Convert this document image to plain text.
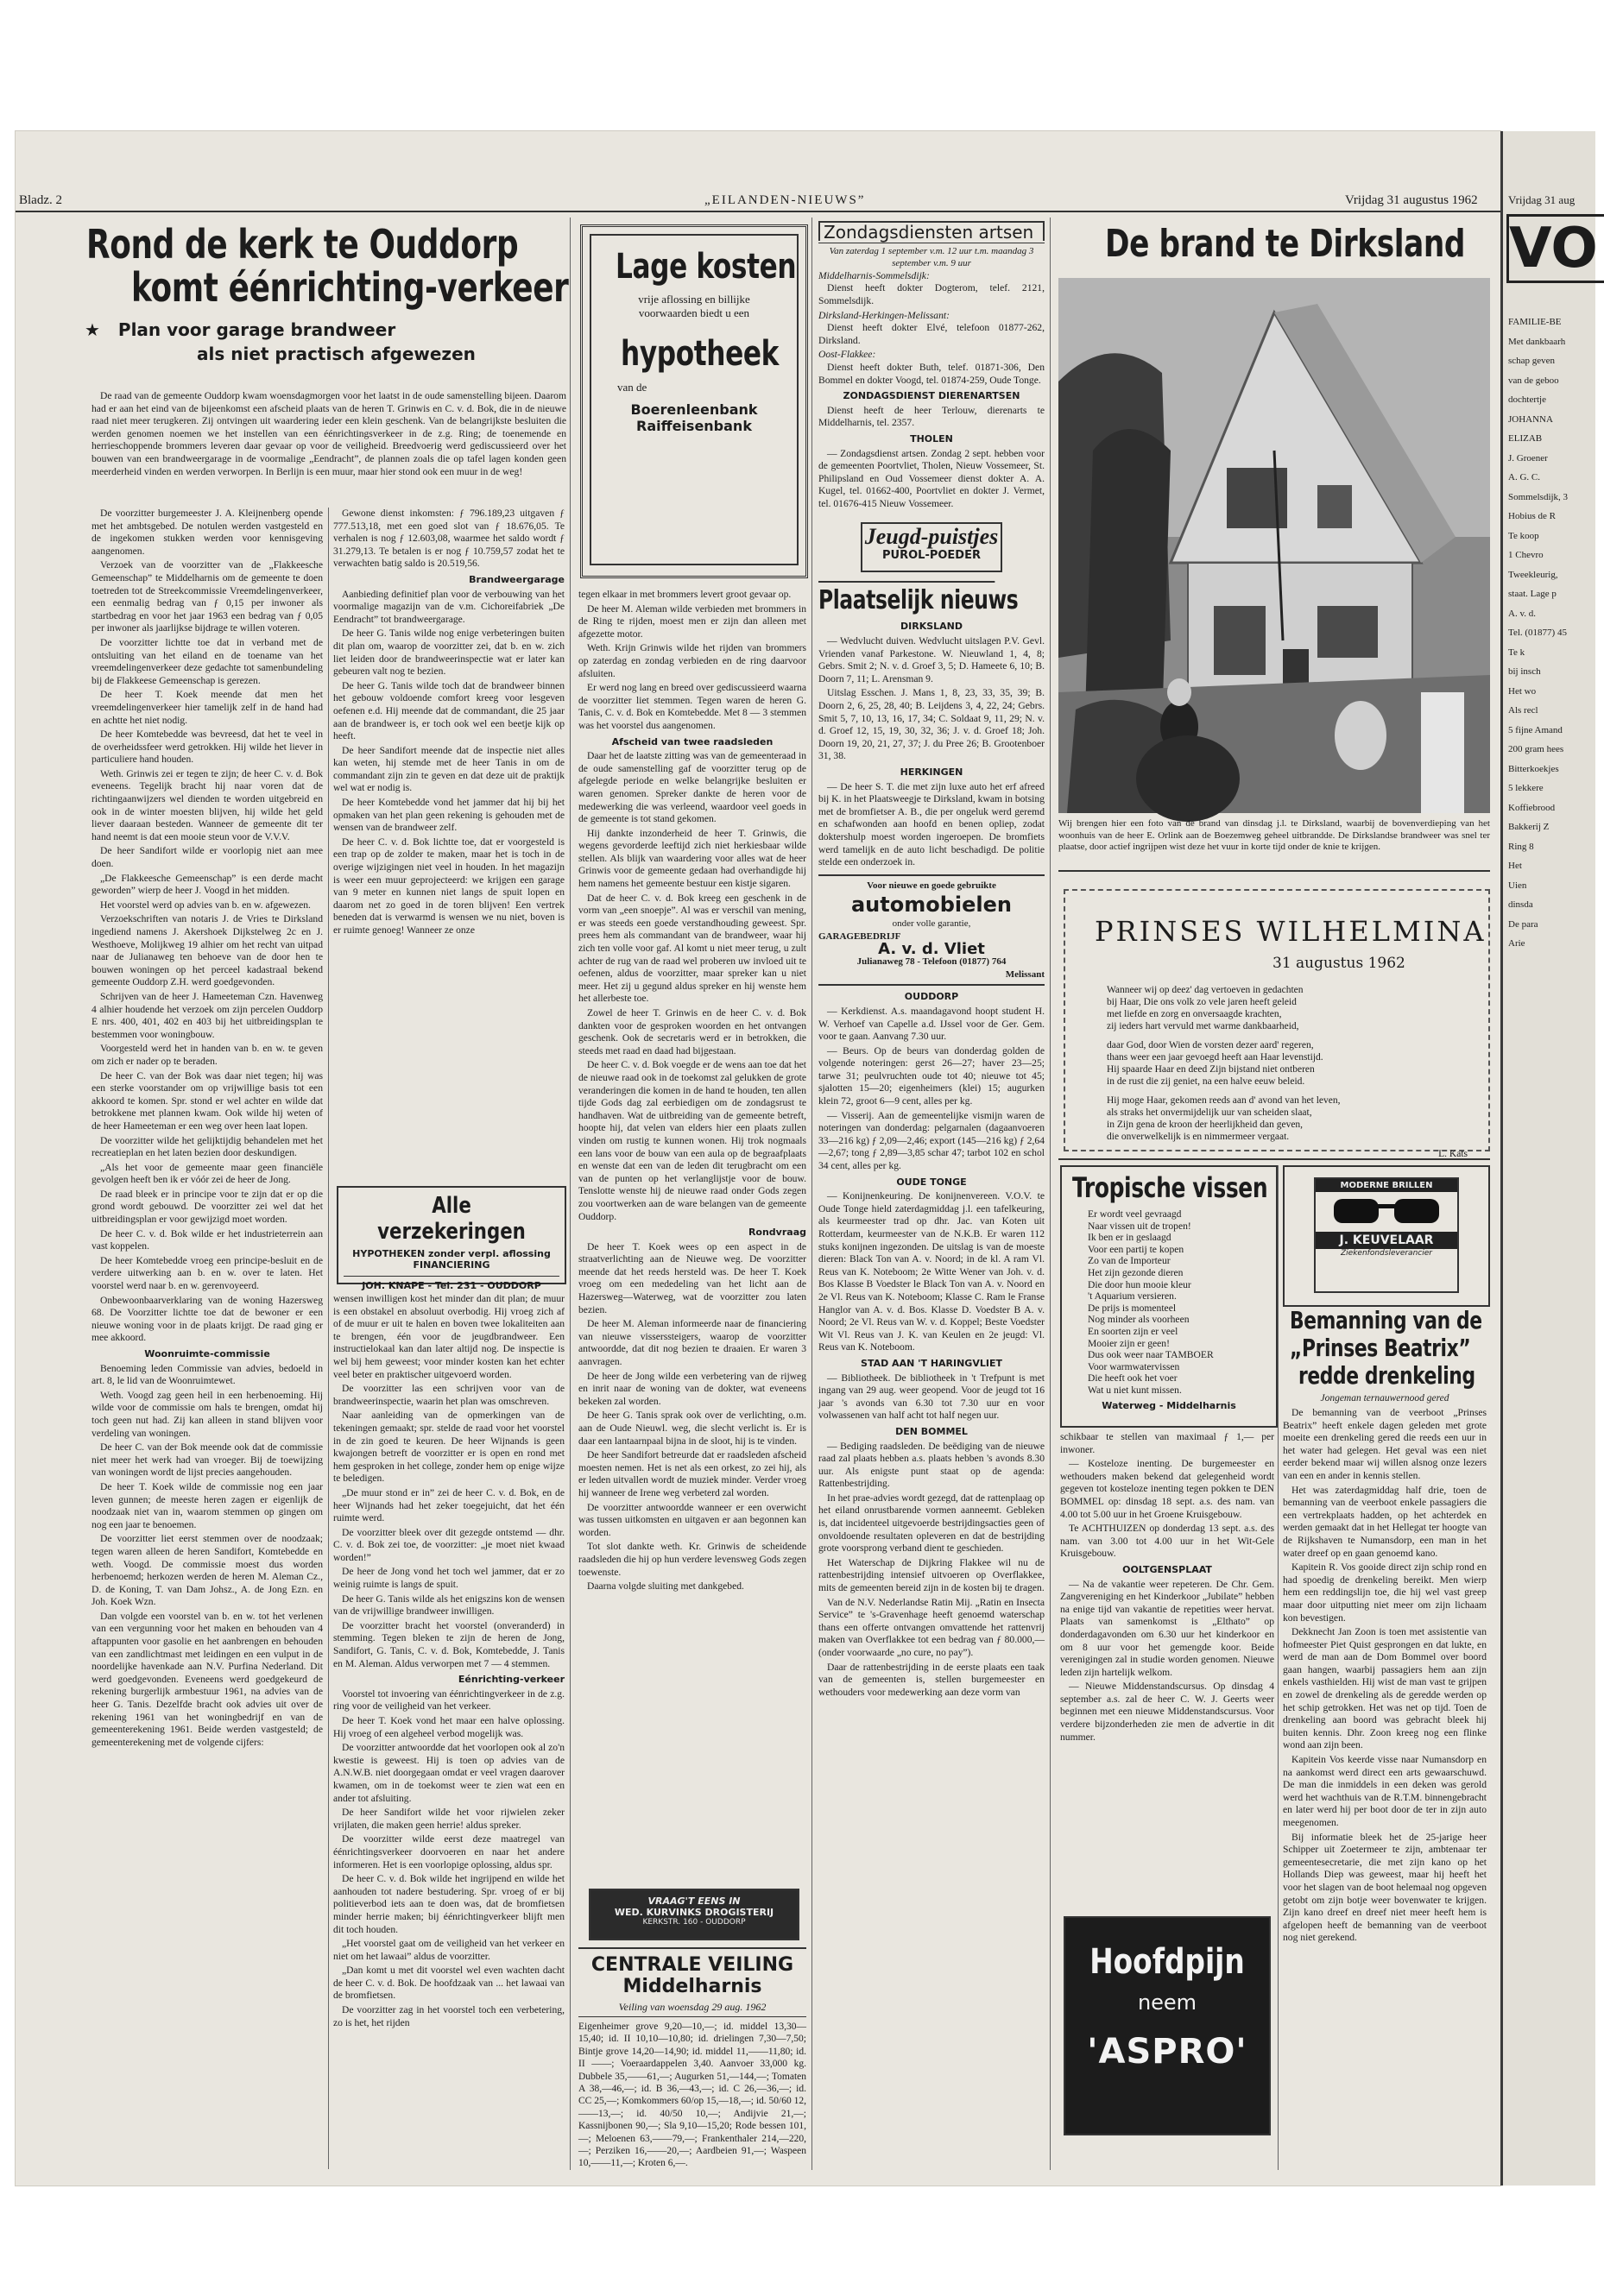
Bladz. 2	„EILANDEN-NIEUWS”	Vrijdag 31 augustus 1962
Rond de kerk te Ouddorp
komt éénrichting-verkeer
★ Plan voor garage brandweer
als niet practisch afgewezen

De raad van de gemeente Ouddorp kwam woensdagmorgen voor het laatst in de oude samenstelling bijeen. Daarom had er aan het eind van de bijeenkomst een afscheid plaats van de heren T. Grinwis en C. v. d. Bok, die in de nieuwe raad niet meer terugkeren. Zij ontvingen uit waardering ieder een klein geschenk. Van de belangrijkste besluiten die werden genomen noemen we het instellen van een éénrichtingsverkeer in de z.g. Ring; de toenemende en herrieschoppende brommers leveren daar gevaar op voor de veiligheid. Breedvoerig werd gediscussieerd over het bouwen van een brandweergarage in de voormalige „Eendracht”, de plannen zoals die op tafel lagen konden geen meerderheid vinden en werden verworpen. In Berlijn is een muur, maar hier stond ook een muur in de weg!

De voorzitter burgemeester J. A. Kleijnenberg opende met het ambtsgebed. De notulen werden vastgesteld en de ingekomen stukken werden voor kennisgeving aangenomen.

Verzoek van de voorzitter van de „Flakkeesche Gemeenschap” te Middelharnis om de gemeente te doen toetreden tot de Streekcommissie Vreemdelingenverkeer, een eenmalig bedrag van ƒ 0,15 per inwoner als startbedrag en voor het jaar 1963 een bedrag van ƒ 0,05 per inwoner als jaarlijkse bijdrage te willen voteren.

De voorzitter lichtte toe dat in verband met de ontsluiting van het eiland en de toename van het vreemdelingenverkeer deze gedachte tot samenbundeling bij de Flakkeese Gemeenschap is gerezen.

De heer T. Koek meende dat men het vreemdelingenverkeer hier tamelijk zelf in de hand had en achtte het niet nodig.

De heer Komtebedde was bevreesd, dat het te veel in de overheidssfeer werd getrokken. Hij wilde het liever in particuliere hand houden.

Weth. Grinwis zei er tegen te zijn; de heer C. v. d. Bok eveneens. Tegelijk bracht hij naar voren dat de richtingaanwijzers wel dienden te worden uitgebreid en ook in de winter moesten blijven, hij wilde het geld liever daaraan besteden. Wanneer de gemeente dit ter hand neemt is dat een mooie steun voor de V.V.V.

De heer Sandifort wilde er voorlopig niet aan mee doen.

„De Flakkeesche Gemeenschap” is een derde macht geworden” wierp de heer J. Voogd in het midden.

Het voorstel werd op advies van b. en w. afgewezen.

Verzoekschriften van notaris J. de Vries te Dirksland ingediend namens J. Akershoek Dijkstelweg 2c en J. Westhoeve, Molijkweg 19 alhier om het recht van uitpad naar de Julianaweg ten behoeve van de door hen te bouwen woningen op het perceel kadastraal bekend gemeente Ouddorp Z.H. werd goedgevonden.

Schrijven van de heer J. Hameeteman Czn. Havenweg 4 alhier houdende het verzoek om zijn percelen Ouddorp E nrs. 400, 401, 402 en 403 bij het uitbreidingsplan te bestemmen voor woningbouw.

Voorgesteld werd het in handen van b. en w. te geven om zich er nader op te beraden.

De heer C. van der Bok was daar niet tegen; hij was een sterke voorstander om op vrijwillige basis tot een akkoord te komen. Spr. stond er wel achter en wilde dat betrokkene met plannen kwam. Ook wilde hij weten of de heer Hameeteman er een weg over heen laat lopen.

De voorzitter wilde het gelijktijdig behandelen met het recreatieplan en het laten bezien door deskundigen.

„Als het voor de gemeente maar geen financiële gevolgen heeft ben ik er vóór zei de heer de Jong.

De raad bleek er in principe voor te zijn dat er op die grond wordt gebouwd. De voorzitter zei wel dat het uitbreidingsplan er voor gewijzigd moet worden.

De heer C. v. d. Bok wilde er het industrieterrein aan vast koppelen.

De heer Komtebedde vroeg een principe-besluit en de verdere uitwerking aan b. en w. over te laten. Het voorstel werd naar b. en w. gerenvoyeerd.

Onbewoonbaarverklaring van de woning Hazersweg 68. De Voorzitter lichtte toe dat de bewoner er een nieuwe woning voor in de plaats krijgt. De raad ging er mee akkoord.

Woonruimte-commissie

Benoeming leden Commissie van advies, bedoeld in art. 8, le lid van de Woonruimtewet.

Weth. Voogd zag geen heil in een herbenoeming. Hij wilde voor de commissie om hals te brengen, omdat hij toch geen nut had. Zij kan alleen in stand blijven voor verdeling van woningen.

De heer C. van der Bok meende ook dat de commissie niet meer het werk had van vroeger. Bij de toewijzing van woningen wordt de lijst precies aangehouden.

De heer T. Koek wilde de commissie nog een jaar leven gunnen; de meeste heren zagen er eigenlijk de noodzaak niet van in, waarom stemmen op gingen om nog een jaar te benoemen.

De voorzitter liet eerst stemmen over de noodzaak; tegen waren alleen de heren Sandifort, Komtebedde en weth. Voogd. De commissie moest dus worden herbenoemd; herkozen werden de heren M. Aleman Cz., D. de Koning, T. van Dam Johsz., A. de Jong Ezn. en Joh. Koek Wzn.

Dan volgde een voorstel van b. en w. tot het verlenen van een vergunning voor het maken en behouden van 4 aftappunten voor gasolie en het aanbrengen en behouden van een zandlichtmast met leidingen en een vulput in de noordelijke havenkade aan N.V. Purfina Nederland. Dit werd goedgevonden. Eveneens werd goedgekeurd de rekening burgerlijk armbestuur 1961, na advies van de heer G. Tanis. Dezelfde bracht ook advies uit over de rekening 1961 van het woningbedrijf en van de gemeenterekening 1961. Beide werden vastgesteld; de gemeenterekening met de volgende cijfers:

Gewone dienst inkomsten: ƒ 796.189,23 uitgaven ƒ 777.513,18, met een goed slot van ƒ 18.676,05. Te verhalen is nog ƒ 12.603,08, waarmee het saldo wordt ƒ 31.279,13. Te betalen is er nog ƒ 10.759,57 zodat het te verwachten batig saldo is 20.519,56.

Brandweergarage

Aanbieding definitief plan voor de verbouwing van het voormalige magazijn van de v.m. Cichoreifabriek „De Eendracht” tot brandweergarage.

De heer G. Tanis wilde nog enige verbeteringen buiten dit plan om, waarop de voorzitter zei, dat b. en w. zich liet leiden door de brandweerinspectie wat er later kan gebeuren valt nog te bezien.

De heer G. Tanis wilde toch dat de brandweer binnen het gebouw voldoende comfort kreeg voor lesgeven oefenen e.d. Hij meende dat de commandant, die 25 jaar aan de brandweer is, er toch ook wel een beetje kijk op heeft.

De heer Sandifort meende dat de inspectie niet alles kan weten, hij stemde met de heer Tanis in om de commandant zijn zin te geven en dat deze uit de praktijk wel wat er nodig is.

De heer Komtebedde vond het jammer dat hij bij het opmaken van het plan geen rekening is gehouden met de wensen van de brandweer zelf.

De heer C. v. d. Bok lichtte toe, dat er voorgesteld is een trap op de zolder te maken, maar het is toch in de overige wijzigingen niet veel in houden. In het magazijn is weer een muur geprojecteerd: we krijgen een garage van 9 meter en kunnen niet langs de spuit lopen en daarom net zo goed in de toren blijven! Een vertrek beneden dat is verwarmd is wensen we nu niet, boven is er ruimte genoeg! Wanneer ze onze

Alle verzekeringen
HYPOTHEKEN zonder verpl. aflossing
FINANCIERING
JOH. KNAPE - Tel. 231 - OUDDORP

wensen inwilligen kost het minder dan dit plan; de muur is een obstakel en absoluut overbodig. Hij vroeg zich af of de muur er uit te halen en boven twee lokaliteiten aan te brengen, één voor de jeugdbrandweer. Een instructielokaal kan dan later altijd nog. De inspectie is wel bij hem geweest; voor minder kosten kan het echter veel beter en praktischer uitgevoerd worden.

De voorzitter las een schrijven voor van de brandweerinspectie, waarin het plan was omschreven.

Naar aanleiding van de opmerkingen van de tekeningen gemaakt; spr. stelde de raad voor het voorstel in de zin goed te keuren. De heer Wijnands is geen kwajongen betreft de voorzitter er is open en rond met hem gesproken in het college, zonder hem op enige wijze te beledigen.

„De muur stond er in” zei de heer C. v. d. Bok, en de heer Wijnands had het zeker toegejuicht, dat het één ruimte werd.

De voorzitter bleek over dit gezegde ontstemd — dhr. C. v. d. Bok zei toe, de voorzitter: „je moet niet kwaad worden!”

De heer de Jong vond het toch wel jammer, dat er zo weinig ruimte is langs de spuit.

De heer G. Tanis wilde als het enigszins kon de wensen van de vrijwillige brandweer inwilligen.

De voorzitter bracht het voorstel (onveranderd) in stemming. Tegen bleken te zijn de heren de Jong, Sandifort, G. Tanis, C. v. d. Bok, Komtebedde, J. Tanis en M. Aleman. Aldus verworpen met 7 — 4 stemmen.

Eénrichting-verkeer

Voorstel tot invoering van éénrichtingverkeer in de z.g. ring voor de veiligheid van het verkeer.

De heer T. Koek vond het maar een halve oplossing. Hij vroeg of een algeheel verbod mogelijk was.

De voorzitter antwoordde dat het voorlopen ook al zo'n kwestie is geweest. Hij is toen op advies van de A.N.W.B. niet doorgegaan omdat er veel vragen daarover kwamen, om in de toekomst weer te zien wat een en ander tot afsluiting.

De heer Sandifort wilde het voor rijwielen zeker vrijlaten, die maken geen herrie! aldus spreker.

De voorzitter wilde eerst deze maatregel van éénrichtingsverkeer doorvoeren en naar het andere informeren. Het is een voorlopige oplossing, aldus spr.

De heer C. v. d. Bok wilde het ingrijpend en wilde het aanhouden tot nadere bestudering. Spr. vroeg of er bij politieverbod iets aan te doen was, dat de bromfietsen minder herrie maken; bij éénrichtingverkeer blijft men dit toch houden.

„Het voorstel gaat om de veiligheid van het verkeer en niet om het lawaai” aldus de voorzitter.

„Dan komt u met dit voorstel wel even wachten dacht de heer C. v. d. Bok. De hoofdzaak van ... het lawaai van de bromfietsen.

De voorzitter zag in het voorstel toch een verbetering, zo is het, het rijden

Lage kosten
vrije aflossing en billijke voorwaarden biedt u een
hypotheek
van de
Boerenleenbank
Raiffeisenbank

tegen elkaar in met brommers levert groot gevaar op.

De heer M. Aleman wilde verbieden met brommers in de Ring te rijden, moest men er zijn dan alleen met afgezette motor.

Weth. Krijn Grinwis wilde het rijden van brommers op zaterdag en zondag verbieden en de ring daarvoor afsluiten.

Er werd nog lang en breed over gediscussieerd waarna de voorzitter liet stemmen. Tegen waren de heren G. Tanis, C. v. d. Bok en Komtebedde. Met 8 — 3 stemmen was het voorstel dus aangenomen.

Afscheid van twee raadsleden

Daar het de laatste zitting was van de gemeenteraad in de oude samenstelling gaf de voorzitter terug op de afgelegde periode en welke belangrijke besluiten er waren genomen. Spreker dankte de heren voor de medewerking die was verleend, waardoor veel goeds in de gemeente is tot stand gekomen.

Hij dankte inzonderheid de heer T. Grinwis, die wegens gevorderde leeftijd zich niet herkiesbaar wilde stellen. Als blijk van waardering voor alles wat de heer Grinwis voor de gemeente gedaan had overhandigde hij hem namens het gemeente bestuur een kistje sigaren.

Dat de heer C. v. d. Bok kreeg een geschenk in de vorm van „een snoepje”. Al was er verschil van mening, er was steeds een goede verstandhouding geweest. Spr. prees hem als commandant van de brandweer, waar hij zich ten volle voor gaf. Al komt u niet meer terug, u zult achter de rug van de raad wel proberen uw invloed uit te oefenen, aldus de voorzitter, maar spreker kan u niet meer. Het zij u gegund aldus spreker en hij wenste hem het allerbeste toe.

Zowel de heer T. Grinwis en de heer C. v. d. Bok dankten voor de gesproken woorden en het ontvangen geschenk. Ook de secretaris werd er in betrokken, die steeds met raad en daad had bijgestaan.

De heer C. v. d. Bok voegde er de wens aan toe dat het de nieuwe raad ook in de toekomst zal gelukken de grote veranderingen die komen in de hand te houden, ten allen tijde Gods dag zal eerbiedigen om de zondagsrust te handhaven. Wat de uitbreiding van de gemeente betreft, hoopte hij, dat velen van elders hier een plaats zullen vinden om rustig te kunnen wonen. Hij trok nogmaals een lans voor de bouw van een aula op de begraafplaats en wenste dat een van de leden dit terugbracht om een van de punten op het verlanglijstje voor de bouw. Tenslotte wenste hij de nieuwe raad onder Gods zegen zou voortwerken aan de ware belangen van de gemeente Ouddorp.

Rondvraag

De heer T. Koek wees op een aspect in de straatverlichting aan de Nieuwe weg. De voorzitter meende dat het reeds hersteld was. De heer T. Koek vroeg om een mededeling van het licht aan de Hazersweg—Waterweg, wat de voorzitter zou laten bezien.

De heer M. Aleman informeerde naar de financiering van nieuwe visserssteigers, waarop de voorzitter antwoordde, dat dit nog bezien te draaien. Er waren 3 aanvragen.

De heer de Jong wilde een verbetering van de rijweg en inrit naar de woning van de dokter, wat eveneens bekeken zal worden.

De heer G. Tanis sprak ook over de verlichting, o.m. aan de Oude Nieuwl. weg, die slecht verlicht is. Er is daar een lantaarnpaal bijna in de sloot, hij is te vinden.

De heer Sandifort betreurde dat er raadsleden afscheid moesten nemen. Het is net als een orkest, zo zei hij, als er leden uitvallen wordt de muziek minder. Verder vroeg hij wanneer de Irene weg verbeterd zal worden.

De voorzitter antwoordde wanneer er een overwicht was tussen uitkomsten en uitgaven er aan begonnen kan worden.

Tot slot dankte weth. Kr. Grinwis de scheidende raadsleden die hij op hun verdere levensweg Gods zegen toewenste.

Daarna volgde sluiting met dankgebed.

VRAAG'T EENS IN
WED. KURVINKS DROGISTERIJ
KERKSTR. 160 - OUDDORP
CENTRALE VEILING
Middelharnis
Veiling van woensdag 29 aug. 1962
Eigenheimer grove 9,20—10,—; id. middel 13,30—15,40; id. II 10,10—10,80; id. drielingen 7,30—7,50; Bintje grove 14,20—14,90; id. middel 11,——11,80; id. II ——; Voeraardappelen 3,40. Aanvoer 33,000 kg. Dubbele 35,——61,—; Augurken 51,—144,—; Tomaten A 38,—46,—; id. B 36,—43,—; id. C 26,—36,—; id. CC 25,—; Komkommers 60/op 15,—18,—; id. 50/60 12,——13,—; id. 40/50 10,—; Andijvie 21,—; Kassnijbonen 90,—; Sla 9,10—15,20; Rode bessen 101,—; Meloenen 63,——79,—; Frankenthaler 214,—220,—; Perziken 16,——20,—; Aardbeien 91,—; Waspeen 10,——11,—; Kroten 6,—.
Zondagsdiensten artsen
Van zaterdag 1 september v.m. 12 uur t.m. maandag 3 september v.m. 9 uur
Middelharnis-Sommelsdijk:

Dienst heeft dokter Dogterom, telef. 2121, Sommelsdijk.

Dirksland-Herkingen-Melissant:

Dienst heeft dokter Elvé, telefoon 01877-262, Dirksland.

Oost-Flakkee:

Dienst heeft dokter Buth, telef. 01871-306, Den Bommel en dokter Voogd, tel. 01874-259, Oude Tonge.

ZONDAGSDIENST DIERENARTSEN

Dienst heeft de heer Terlouw, dierenarts te Middelharnis, tel. 2357.

THOLEN

— Zondagsdienst artsen. Zondag 2 sept. hebben voor de gemeenten Poortvliet, Tholen, Nieuw Vossemeer, St. Philipsland en Oud Vossemeer dienst dokter A. A. Kugel, tel. 01662-400, Poortvliet en dokter J. Vermet, tel. 01676-415 Nieuw Vossemeer.

Jeugd-puistjes
PUROL-POEDER
Plaatselijk nieuws
DIRKSLAND

— Wedvlucht duiven. Wedvlucht uitslagen P.V. Gevl. Vrienden vanaf Parkestone. W. Nieuwland 1, 4, 8; Gebrs. Smit 2; N. v. d. Groef 3, 5; D. Hameete 6, 10; B. Doorn 7, 11; L. Arensman 9.

Uitslag Esschen. J. Mans 1, 8, 23, 33, 35, 39; B. Doorn 2, 6, 25, 28, 40; B. Leijdens 3, 4, 22, 24; Gebrs. Smit 5, 7, 10, 13, 16, 17, 34; C. Soldaat 9, 11, 29; N. v. d. Groef 12, 15, 19, 30, 32, 36; J. v. d. Groef 18; Joh. Doorn 19, 20, 21, 27, 37; J. du Pree 26; B. Grootenboer 31, 38.

HERKINGEN

— De heer S. T. die met zijn luxe auto het erf afreed bij K. in het Plaatsweegje te Dirksland, kwam in botsing met de bromfietser A. B., die per ongeluk werd geremd en schafwonden aan hoofd en benen opliep, zodat doktershulp moest worden ingeroepen. De bromfiets werd tamelijk en de auto licht beschadigd. De politie stelde een onderzoek in.

Voor nieuwe en goede gebruikte
automobielen
onder volle garantie,
GARAGEBEDRIJF
A. v. d. Vliet
Julianaweg 78 - Telefoon (01877) 764
Melissant
OUDDORP

— Kerkdienst. A.s. maandagavond hoopt student H. W. Verhoef van Capelle a.d. IJssel voor de Ger. Gem. voor te gaan. Aanvang 7.30 uur.

— Beurs. Op de beurs van donderdag golden de volgende noteringen: gerst 26—27; haver 23—25; tarwe 31; peulvruchten oude tot 40; nieuwe tot 45; sjalotten 15—20; eigenheimers (klei) 15; augurken klein 72, groot 6—9 cent, alles per kg.

— Visserij. Aan de gemeentelijke vismijn waren de noteringen van donderdag: pelgarnalen (dagaanvoeren 33—216 kg) ƒ 2,09—2,46; export (145—216 kg) ƒ 2,64—2,67; tong ƒ 2,89—3,85 schar 47; tarbot 102 en schol 34 cent, alles per kg.

OUDE TONGE

— Konijnenkeuring. De konijnenvereen. V.O.V. te Oude Tonge hield zaterdagmiddag j.l. een tafelkeuring, als keurmeester trad op dhr. Jac. van Koten uit Rotterdam, keurmeester van de N.K.B. Er waren 112 stuks konijnen ingezonden. De uitslag is van de moeste dieren: Black Ton van A. v. Noord; in de kl. A ram Vl. Reus van K. Noteboom; 2e Witte Wener van Joh. v. d. Bos Klasse B Voedster le Black Ton van A. v. Noord en 2e Vl. Reus van K. Noteboom; Klasse C. Ram le Franse Hanglor van A. v. d. Bos. Klasse D. Voedster B A. v. Noord; 2e Vl. Reus van W. v. d. Koppel; Beste Voedster Wit Vl. Reus van J. K. van Keulen en 2e jeugd: Vl. Reus van K. Noteboom.

STAD AAN 'T HARINGVLIET

— Bibliotheek. De bibliotheek in 't Trefpunt is met ingang van 29 aug. weer geopend. Voor de jeugd tot 16 jaar 's avonds van 6.30 tot 7.30 uur en voor volwassenen van half acht tot half negen uur.

DEN BOMMEL

— Bediging raadsleden. De beëdiging van de nieuwe raad zal plaats hebben a.s. plaats hebben 's avonds 8.30 uur. Als enigste punt staat op de agenda: Rattenbestrijding.

In het prae-advies wordt gezegd, dat de rattenplaag op het eiland onrustbarende vormen aanneemt. Gebleken is, dat incidenteel uitgevoerde bestrijdingsacties geen of onvoldoende resultaten opleveren en dat de bestrijding grote voorsprong verband dient te geschieden.

Het Waterschap de Dijkring Flakkee wil nu de rattenbestrijding intensief uitvoeren op Overflakkee, mits de gemeenten bereid zijn in de kosten bij te dragen.

Van de N.V. Nederlandse Ratin Mij. „Ratin en Insecta Service” te 's-Gravenhage heeft genoemd waterschap thans een offerte ontvangen omvattende het rattenvrij maken van Overflakkee tot een bedrag van ƒ 80.000,— (onder voorwaarde „no cure, no pay”).

Daar de rattenbestrijding in de eerste plaats een taak van de gemeenten is, stellen burgemeester en wethouders voor medewerking aan deze vorm van

De brand te Dirksland

Wij brengen hier een foto van de brand van dinsdag j.l. te Dirksland, waarbij de bovenverdieping van het woonhuis van de heer E. Orlink aan de Boezemweg geheel uitbrandde. De Dirkslandse brandweer was snel ter plaatse, door actief ingrijpen wist deze het vuur in korte tijd onder de knie te krijgen.

PRINSES WILHELMINA
31 augustus 1962
Wanneer wij op deez' dag vertoeven in gedachten
bij Haar, Die ons volk zo vele jaren heeft geleid
met liefde en zorg en onversaagde krachten,
zij ieders hart vervuld met warme dankbaarheid,
daar God, door Wien de vorsten dezer aard' regeren,
thans weer een jaar gevoegd heeft aan Haar levenstijd.
Hij spaarde Haar en deed Zijn bijstand niet ontberen
in de rust die zij geniet, na een halve eeuw beleid.
Hij moge Haar, gekomen reeds aan d' avond van het leven,
als straks het onvermijdelijk uur van scheiden slaat,
in Zijn gena de kroon der heerlijkheid dan geven,
die onverwelkelijk is en nimmermeer vergaat.
L. Kats
Tropische vissen
Er wordt veel gevraagd
Naar vissen uit de tropen!
Ik ben er in geslaagd
Voor een partij te kopen
Zo van de Importeur
Het zijn gezonde dieren
Die door hun mooie kleur
't Aquarium versieren.
De prijs is momenteel
Nog minder als voorheen
En soorten zijn er veel
Mooier zijn er geen!
Dus ook weer naar TAMBOER
Voor warmwatervissen
Die heeft ook het voer
Wat u niet kunt missen.
Waterweg - Middelharnis
MODERNE BRILLEN
J. KEUVELAAR
Ziekenfondsleverancier
Bemanning van de
„Prinses Beatrix”
redde drenkeling
Jongeman ternauwernood gered

De bemanning van de veerboot „Prinses Beatrix” heeft enkele dagen geleden met grote moeite een drenkeling gered die reeds een uur in het water had gelegen. Het geval was een niet eerder bekend maar wij willen alsnog onze lezers van een en ander in kennis stellen.

Het was zaterdagmiddag half drie, toen de bemanning van de veerboot enkele passagiers die een vertrekplaats hadden, op het achterdek en werden gemaakt dat in het Hellegat ter hoogte van de Rijkshaven te Numansdorp, een man in het water dreef op en gaan genoemd kano.

Kapitein R. Vos gooide direct zijn schip rond en had spoedig de drenkeling bereikt. Men wierp hem een reddingslijn toe, die hij wel vast greep maar door uitputting niet meer om zijn lichaam kon bevestigen.

Dekknecht Jan Zoon is toen met assistentie van hofmeester Piet Quist gesprongen en dat lukte, en werd de man aan de Dom Bommel over boord gaan hangen, waarbij passagiers hem aan zijn enkels vasthielden. Hij wist de man vast te grijpen en zowel de drenkeling als de geredde werden op het schip getrokken. Het was net op tijd. Toen de drenkeling aan boord was gebracht bleek hij buiten kennis. Dhr. Zoon kreeg nog een flinke wond aan zijn been.

Kapitein Vos keerde visse naar Numansdorp en na aankomst werd direct een arts gewaarschuwd. De man die inmiddels in een deken was gerold werd het wachthuis van de R.T.M. binnengebracht en later werd hij per boot door de ter in zijn auto meegenomen.

Bij informatie bleek het de 25-jarige heer Schipper uit Zoetermeer te zijn, ambtenaar ter gemeentesecretarie, die met zijn kano op het Hollands Diep was geweest, maar hij heeft het voor het slagen van de boot helemaal nog opgeven getobt om zijn botje weer bovenwater te krijgen. Zijn kano dreef en dreef niet meer heeft hem is afgelopen heeft de bemanning van de veerboot nog niet gerekend.

schikbaar te stellen van maximaal ƒ 1,— per inwoner.

— Kosteloze inenting. De burgemeester en wethouders maken bekend dat gelegenheid wordt gegeven tot kosteloze inenting tegen pokken te DEN BOMMEL op: dinsdag 18 sept. a.s. des nam. van 4.00 tot 5.00 uur in het Groene Kruisgebouw.

Te ACHTHUIZEN op donderdag 13 sept. a.s. des nam. van 3.00 tot 4.00 uur in het Wit-Gele Kruisgebouw.

OOLTGENSPLAAT

— Na de vakantie weer repeteren. De Chr. Gem. Zangvereniging en het Kinderkoor „Jubilate” hebben na enige tijd van vakantie de repetities weer hervat. Plaats van samenkomst is „Elthato” op donderdagavonden om 6.30 uur het kinderkoor en om 8 uur voor het gemengde koor. Beide verenigingen zal in studie worden genomen. Nieuwe leden zijn hartelijk welkom.

— Nieuwe Middenstandscursus. Op dinsdag 4 september a.s. zal de heer C. W. J. Geerts weer beginnen met een nieuwe Middenstandscursus. Voor verdere bijzonderheden zie men de advertie in dit nummer.

Hoofdpijn
neem
'ASPRO'
Vrijdag 31 aug
VO
FAMILIE-BE
Met dankbaarh
schap geven
van de geboo
dochtertje
JOHANNA
ELIZAB
J. Groener
A. G. C.
Sommelsdijk, 3
Hobius de R
Te koop
1 Chevro
Tweekleurig,
staat. Lage p
A. v. d.
Tel. (01877) 45
Te k
bij insch
Het wo
Als recl
5 fijne Amand
200 gram hees
Bitterkoekjes
5 lekkere
Koffiebrood
Bakkerij Z
Ring 8
Het
Uien
dinsda
De para
Arie
